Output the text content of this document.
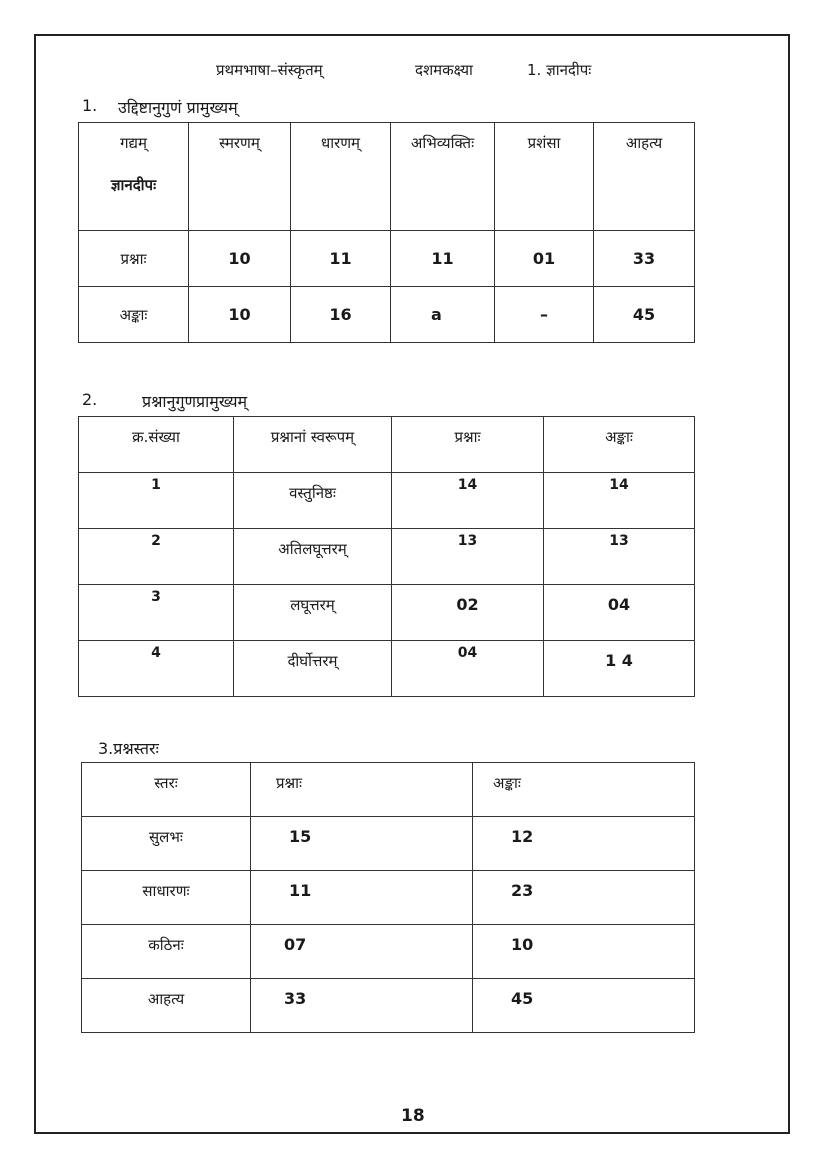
प्रथमभाषा–संस्कृतम्	दशमकक्ष्या	1. ज्ञानदीपः
1. उद्दिष्टानुगुणं प्रामुख्यम्
गद्यम्
ज्ञानदीपः	स्मरणम्	धारणम्	अभिव्यक्तिः	प्रशंसा	आहत्य
प्रश्नाः	10	11	11	01	33
अङ्काः	10	16	a	–	45
2.	प्रश्नानुगुणप्रामुख्यम्
क्र.संख्या	प्रश्नानां स्वरूपम्	प्रश्नाः	अङ्काः
1	वस्तुनिष्ठः	14	14
2	अतिलघूत्तरम्	13	13
3	लघूत्तरम्	02	04
4	दीर्घोत्तरम्	04	1 4
3.प्रश्नस्तरः
स्तरः	प्रश्नाः	अङ्काः
सुलभः	15	12
साधारणः	11	23
कठिनः	07	10
आहत्य	33	45
18
